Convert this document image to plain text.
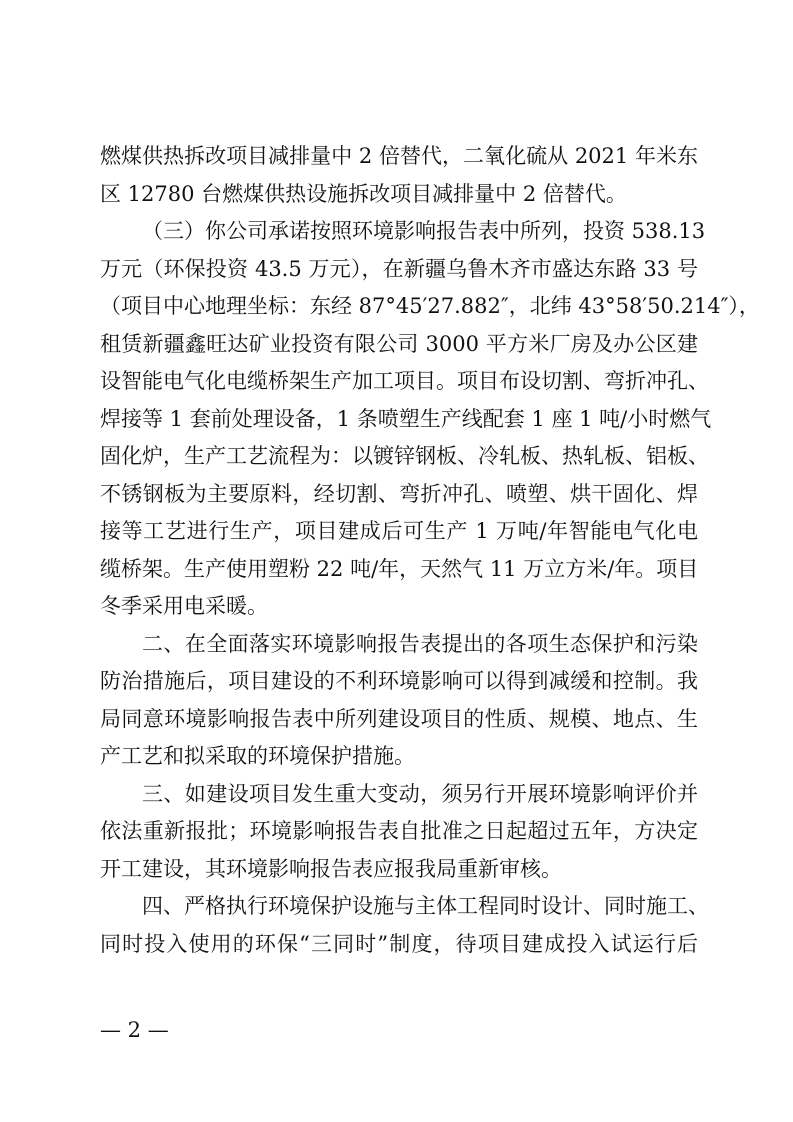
燃煤供热拆改项目减排量中 2 倍替代，二氧化硫从 2021 年米东
区 12780 台燃煤供热设施拆改项目减排量中 2 倍替代。
（三）你公司承诺按照环境影响报告表中所列，投资 538.13
万元（环保投资 43.5 万元），在新疆乌鲁木齐市盛达东路 33 号
（项目中心地理坐标：东经 87°45′27.882″，北纬 43°58′50.214″），
租赁新疆鑫旺达矿业投资有限公司 3000 平方米厂房及办公区建
设智能电气化电缆桥架生产加工项目。项目布设切割、弯折冲孔、
焊接等 1 套前处理设备，1 条喷塑生产线配套 1 座 1 吨/小时燃气
固化炉，生产工艺流程为：以镀锌钢板、冷轧板、热轧板、铝板、
不锈钢板为主要原料，经切割、弯折冲孔、喷塑、烘干固化、焊
接等工艺进行生产，项目建成后可生产 1 万吨/年智能电气化电
缆桥架。生产使用塑粉 22 吨/年，天然气 11 万立方米/年。项目
冬季采用电采暖。
二、在全面落实环境影响报告表提出的各项生态保护和污染
防治措施后，项目建设的不利环境影响可以得到减缓和控制。我
局同意环境影响报告表中所列建设项目的性质、规模、地点、生
产工艺和拟采取的环境保护措施。
三、如建设项目发生重大变动，须另行开展环境影响评价并
依法重新报批；环境影响报告表自批准之日起超过五年，方决定
开工建设，其环境影响报告表应报我局重新审核。
四、严格执行环境保护设施与主体工程同时设计、同时施工、
同时投入使用的环保“三同时”制度，待项目建成投入试运行后
— 2 —
